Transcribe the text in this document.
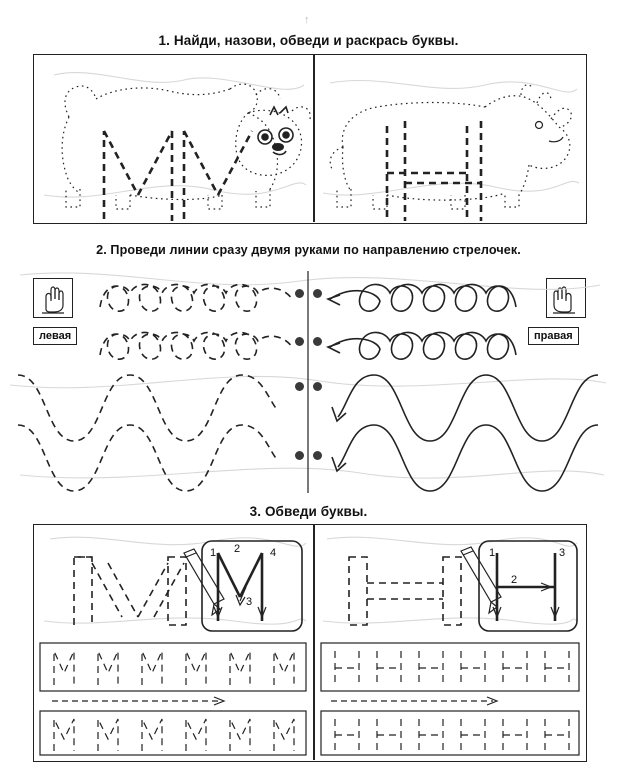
↑
1. Найди, назови, обведи и раскрась буквы.
2. Проведи линии сразу двумя руками по направлению стрелочек.
левая	правая
3. Обведи буквы.
1 2
3
4	1
2
3
